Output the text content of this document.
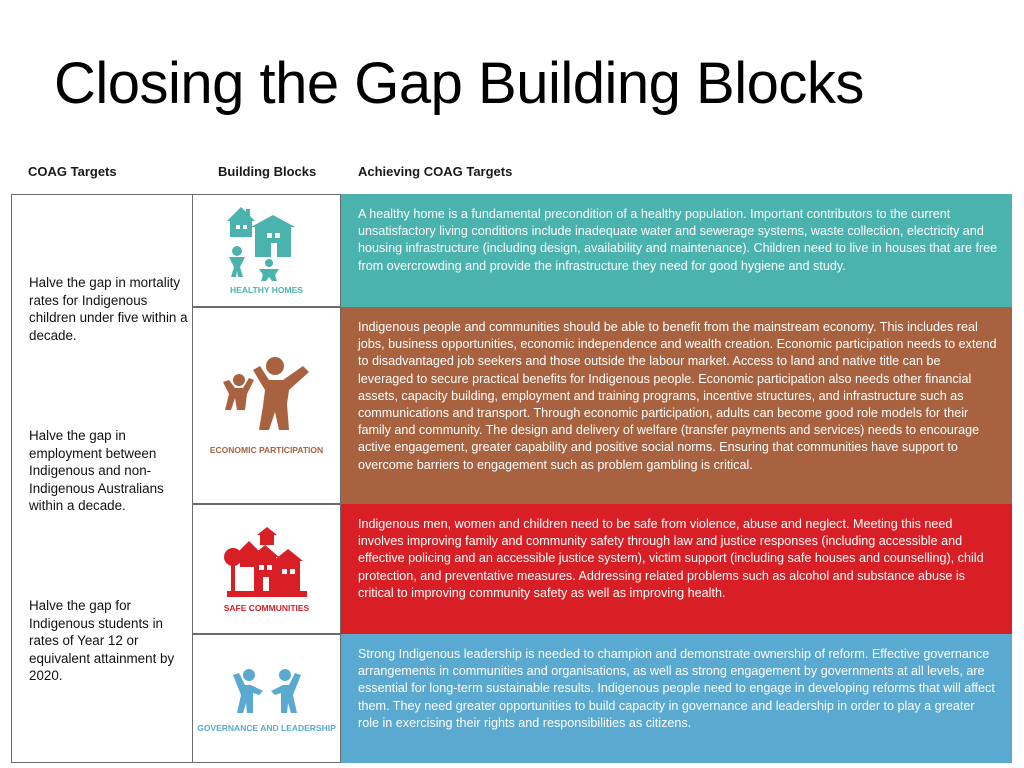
Closing the Gap Building Blocks
COAG Targets	Building Blocks	Achieving COAG Targets

Halve the gap in mortality rates for Indigenous children under five within a decade.

Halve the gap in employment between Indigenous and non-Indigenous Australians within a decade.

Halve the gap for Indigenous students in rates of Year 12 or equivalent attainment by 2020.

HEALTHY HOMES
ECONOMIC PARTICIPATION
SAFE COMMUNITIES
GOVERNANCE AND LEADERSHIP

A healthy home is a fundamental precondition of a healthy population. Important contributors to the current unsatisfactory living conditions include inadequate water and sewerage systems, waste collection, electricity and housing infrastructure (including design, availability and maintenance). Children need to live in houses that are free from overcrowding and provide the infrastructure they need for good hygiene and study.

Indigenous people and communities should be able to benefit from the mainstream economy. This includes real jobs, business opportunities, economic independence and wealth creation. Economic participation needs to extend to disadvantaged job seekers and those outside the labour market. Access to land and native title can be leveraged to secure practical benefits for Indigenous people. Economic participation also needs other financial assets, capacity building, employment and training programs, incentive structures, and infrastructure such as communications and transport. Through economic participation, adults can become good role models for their family and community. The design and delivery of welfare (transfer payments and services) needs to encourage active engagement, greater capability and positive social norms. Ensuring that communities have support to overcome barriers to engagement such as problem gambling is critical.

Indigenous men, women and children need to be safe from violence, abuse and neglect. Meeting this need involves improving family and community safety through law and justice responses (including accessible and effective policing and an accessible justice system), victim support (including safe houses and counselling), child protection, and preventative measures. Addressing related problems such as alcohol and substance abuse is critical to improving community safety as well as improving health.

Strong Indigenous leadership is needed to champion and demonstrate ownership of reform. Effective governance arrangements in communities and organisations, as well as strong engagement by governments at all levels, are essential for long-term sustainable results. Indigenous people need to engage in developing reforms that will affect them. They need greater opportunities to build capacity in governance and leadership in order to play a greater role in exercising their rights and responsibilities as citizens.
